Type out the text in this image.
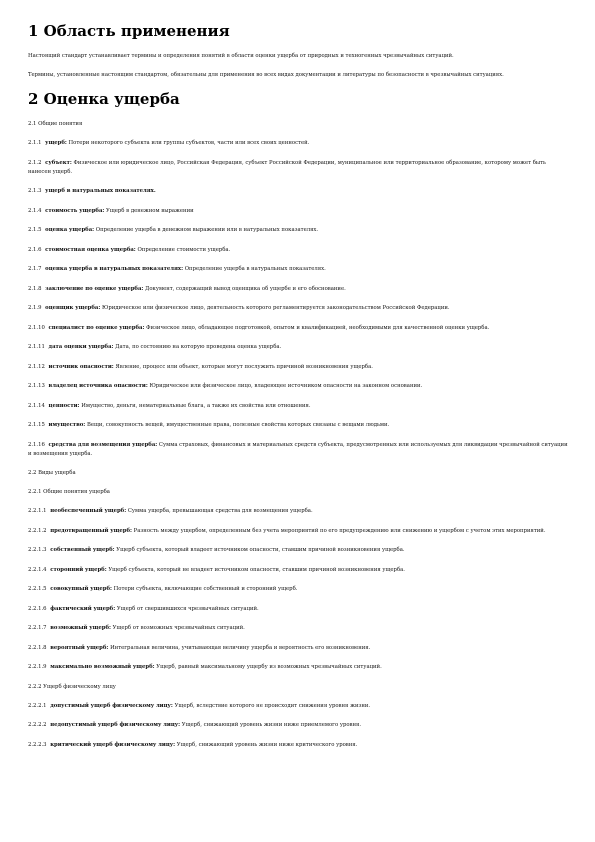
1 Область применения

Настоящий стандарт устанавливает термины и определения понятий в области оценки ущерба от природных и техногенных чрезвычайных ситуаций.

Термины, установленные настоящим стандартом, обязательны для применения во всех видах документации и литературы по безопасности в чрезвычайных ситуациях.

2 Оценка ущерба

2.1 Общие понятия

2.1.1 ущерб: Потери некоторого субъекта или группы субъектов, части или всех своих ценностей.

2.1.2 субъект: Физическое или юридическое лицо, Российская Федерация, субъект Российской Федерации, муниципальное или территориальное образование, которому может быть нанесен ущерб.

2.1.3 ущерб в натуральных показателях.

2.1.4 стоимость ущерба: Ущерб в денежном выражении

2.1.5 оценка ущерба: Определение ущерба в денежном выражении или в натуральных показателях.

2.1.6 стоимостная оценка ущерба: Определение стоимости ущерба.

2.1.7 оценка ущерба в натуральных показателях: Определение ущерба в натуральных показателях.

2.1.8 заключение по оценке ущерба: Документ, содержащий вывод оценщика об ущербе и его обоснование.

2.1.9 оценщик ущерба: Юридическое или физическое лицо, деятельность которого регламентируется законодательством Российской Федерации.

2.1.10 специалист по оценке ущерба: Физическое лицо, обладающее подготовкой, опытом и квалификацией, необходимыми для качественной оценки ущерба.

2.1.11 дата оценки ущерба: Дата, по состоянию на которую проведена оценка ущерба.

2.1.12 источник опасности: Явление, процесс или объект, которые могут послужить причиной возникновения ущерба.

2.1.13 владелец источника опасности: Юридическое или физическое лицо, владеющее источником опасности на законном основании.

2.1.14 ценности: Имущество, деньги, нематериальные блага, а также их свойства или отношения.

2.1.15 имущество: Вещи, совокупность вещей, имущественные права, полезные свойства которых связаны с вещами людьми.

2.1.16 средства для возмещения ущерба: Сумма страховых, финансовых и материальных средств субъекта, предусмотренных или используемых для ликвидации чрезвычайной ситуации и возмещения ущерба.

2.2 Виды ущерба

2.2.1 Общие понятия ущерба

2.2.1.1 необеспеченный ущерб: Сумма ущерба, превышающая средства для возмещения ущерба.

2.2.1.2 предотвращенный ущерб: Разность между ущербом, определенным без учета мероприятий по его предупреждению или снижению и ущербом с учетом этих мероприятий.

2.2.1.3 собственный ущерб: Ущерб субъекта, который владеет источником опасности, ставшим причиной возникновения ущерба.

2.2.1.4 сторонний ущерб: Ущерб субъекта, который не владеет источником опасности, ставшим причиной возникновения ущерба.

2.2.1.5 совокупный ущерб: Потери субъекта, включающие собственный и сторонний ущерб.

2.2.1.6 фактический ущерб: Ущерб от свершившихся чрезвычайных ситуаций.

2.2.1.7 возможный ущерб: Ущерб от возможных чрезвычайных ситуаций.

2.2.1.8 вероятный ущерб: Интегральная величина, учитывающая величину ущерба и вероятность его возникновения.

2.2.1.9 максимально возможный ущерб: Ущерб, равный максимальному ущербу из возможных чрезвычайных ситуаций.

2.2.2 Ущерб физическому лицу

2.2.2.1 допустимый ущерб физическому лицу: Ущерб, вследствие которого не происходит снижения уровня жизни.

2.2.2.2 недопустимый ущерб физическому лицу: Ущерб, снижающий уровень жизни ниже приемлемого уровня.

2.2.2.3 критический ущерб физическому лицу: Ущерб, снижающий уровень жизни ниже критического уровня.
